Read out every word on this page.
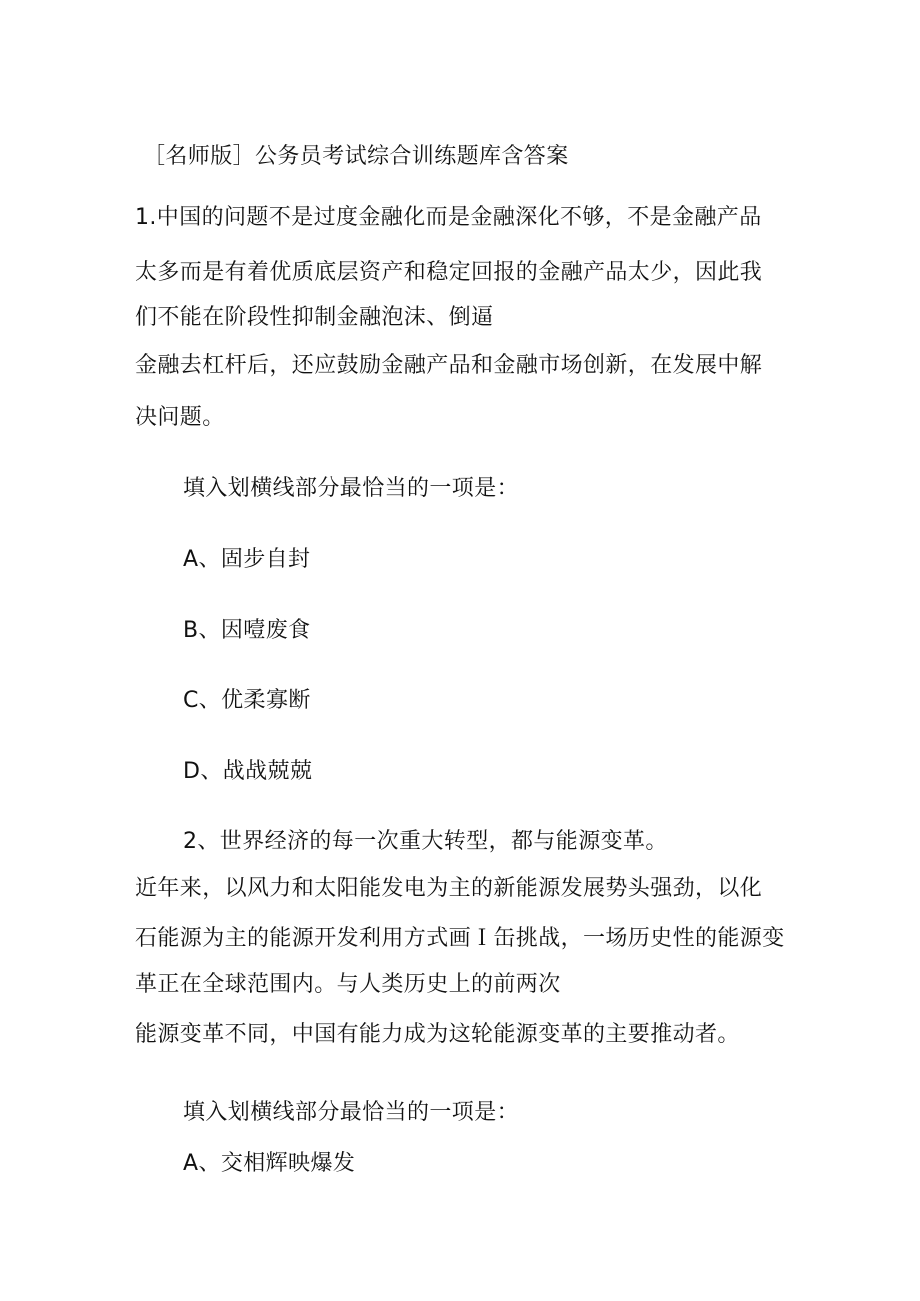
［名师版］公务员考试综合训练题库含答案
1.中国的问题不是过度金融化而是金融深化不够，不是金融产品
太多而是有着优质底层资产和稳定回报的金融产品太少，因此我
们不能在阶段性抑制金融泡沫、倒逼
金融去杠杆后，还应鼓励金融产品和金融市场创新，在发展中解
决问题。
填入划横线部分最恰当的一项是：
A、固步自封
B、因噎废食
C、优柔寡断
D、战战兢兢
2、世界经济的每一次重大转型，都与能源变革。
近年来，以风力和太阳能发电为主的新能源发展势头强劲，以化
石能源为主的能源开发利用方式画Ｉ缶挑战，一场历史性的能源变
革正在全球范围内。与人类历史上的前两次
能源变革不同，中国有能力成为这轮能源变革的主要推动者。
填入划横线部分最恰当的一项是：
A、交相辉映爆发
